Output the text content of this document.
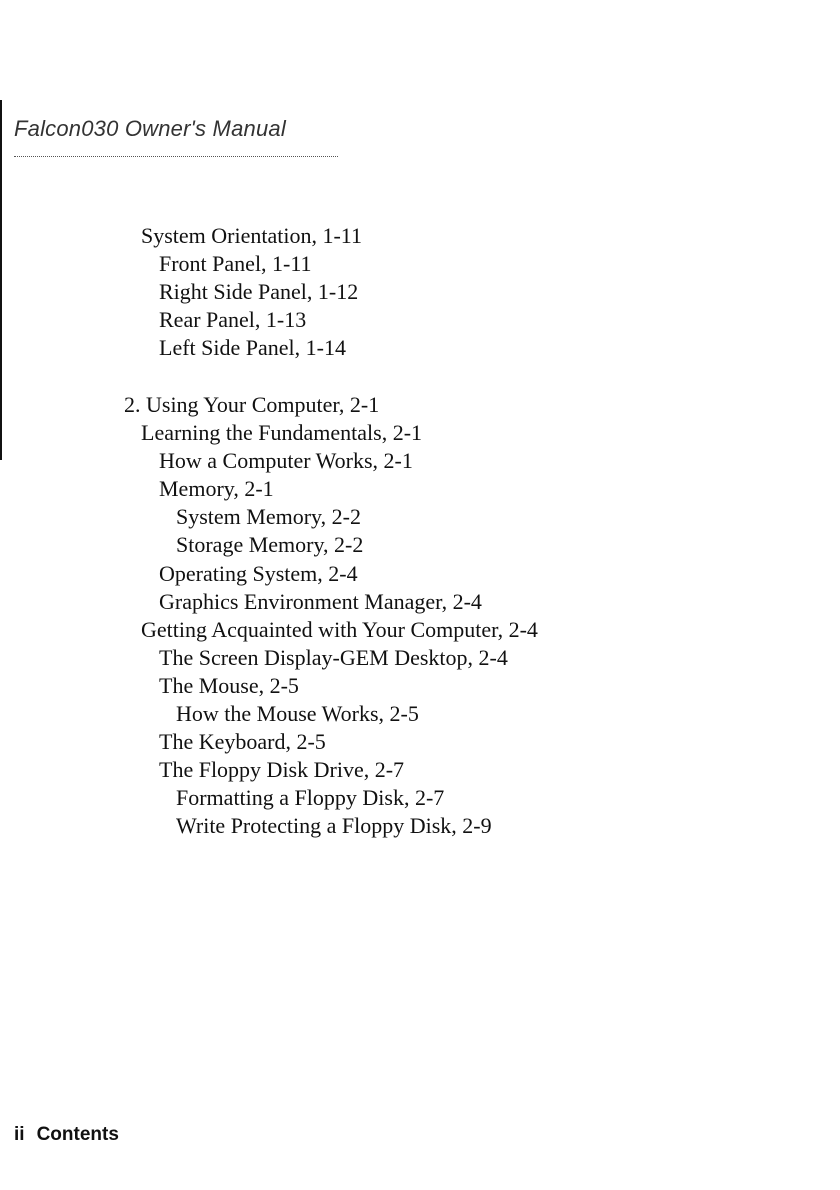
Falcon030 Owner's Manual
System Orientation, 1-11
Front Panel, 1-11
Right Side Panel, 1-12
Rear Panel, 1-13
Left Side Panel, 1-14
2. Using Your Computer, 2-1
Learning the Fundamentals, 2-1
How a Computer Works, 2-1
Memory, 2-1
System Memory, 2-2
Storage Memory, 2-2
Operating System, 2-4
Graphics Environment Manager, 2-4
Getting Acquainted with Your Computer, 2-4
The Screen Display-GEM Desktop, 2-4
The Mouse, 2-5
How the Mouse Works, 2-5
The Keyboard, 2-5
The Floppy Disk Drive, 2-7
Formatting a Floppy Disk, 2-7
Write Protecting a Floppy Disk, 2-9
ii Contents
